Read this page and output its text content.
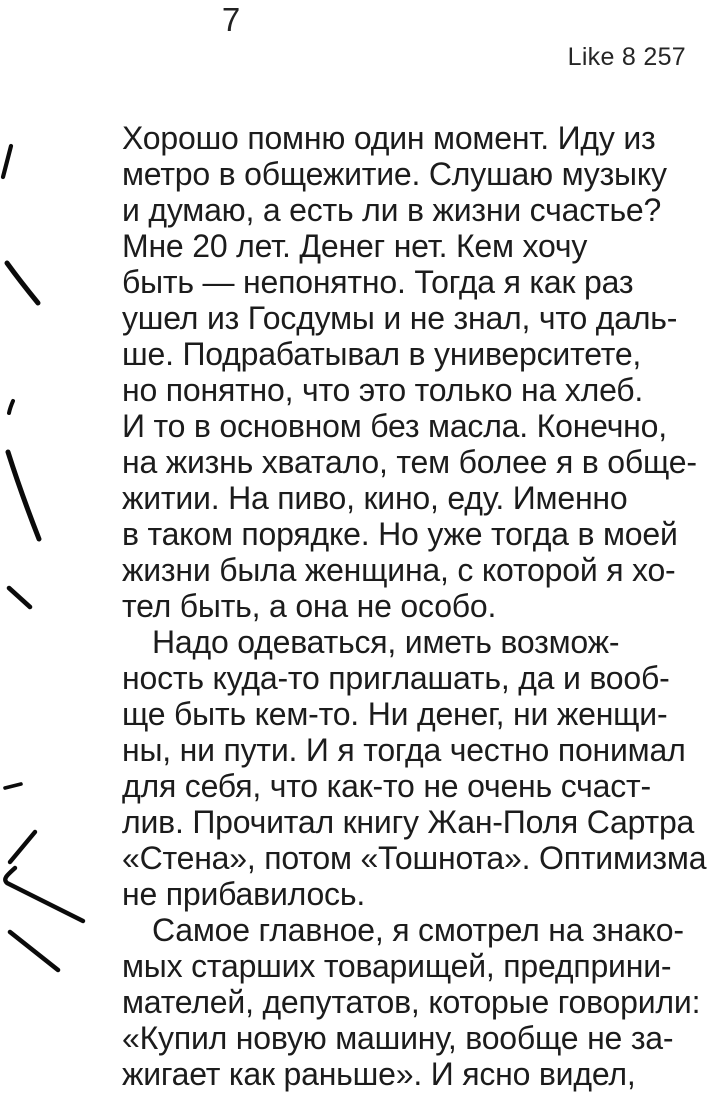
7
Like 8 257
Хорошо помню один момент. Иду из
метро в общежитие. Слушаю музыку
и думаю, а есть ли в жизни счастье?
Мне 20 лет. Денег нет. Кем хочу
быть — непонятно. Тогда я как раз
ушел из Госдумы и не знал, что даль-
ше. Подрабатывал в университете,
но понятно, что это только на хлеб.
И то в основном без масла. Конечно,
на жизнь хватало, тем более я в обще-
житии. На пиво, кино, еду. Именно
в таком порядке. Но уже тогда в моей
жизни была женщина, с которой я хо-
тел быть, а она не особо.
Надо одеваться, иметь возмож-
ность куда-то приглашать, да и вооб-
ще быть кем-то. Ни денег, ни женщи-
ны, ни пути. И я тогда честно понимал
для себя, что как-то не очень счаст-
лив. Прочитал книгу Жан-Поля Сартра
«Стена», потом «Тошнота». Оптимизма
не прибавилось.
Самое главное, я смотрел на знако-
мых старших товарищей, предприни-
мателей, депутатов, которые говорили:
«Купил новую машину, вообще не за-
жигает как раньше». И ясно видел,
